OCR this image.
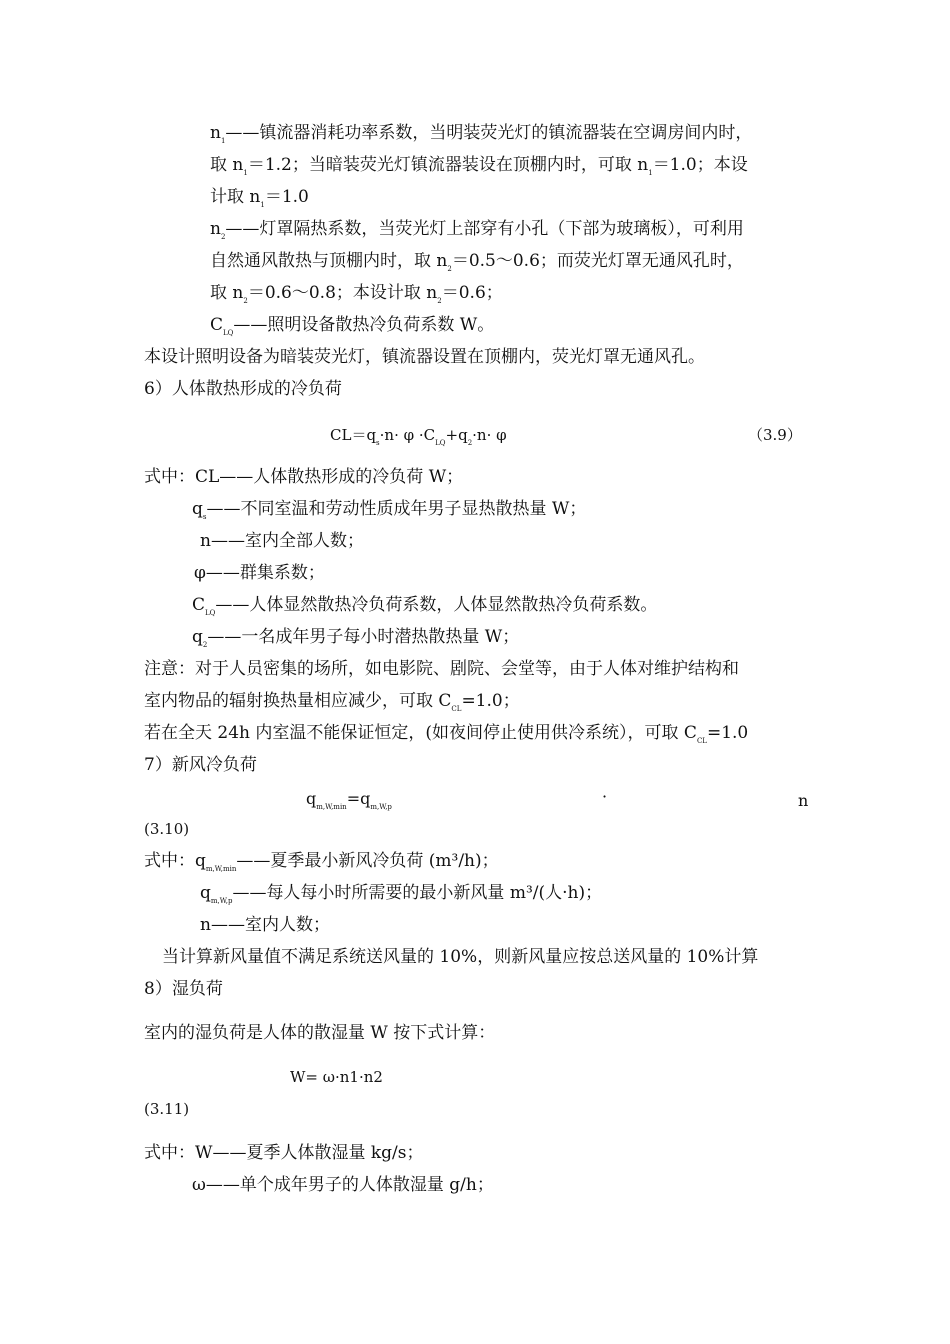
$n_1——$镇流器消耗功率系数，当明装荧光灯的镇流器装在空调房间内时，
取 $n_1=1.2$；当暗装荧光灯镇流器装设在顶棚内时，可取 $n_1=1.0$；本设
计取 $n_1=1.0$
$n_2——$灯罩隔热系数，当荧光灯上部穿有小孔（下部为玻璃板），可利用
自然通风散热与顶棚内时，取 $n_2=0.5\sim 0.6$；而荧光灯罩无通风孔时，
取 $n_2=0.6\sim 0.8$；本设计取 $n_2=0.6$；
$C_{LQ}——$照明设备散热冷负荷系数 W。
本设计照明设备为暗装荧光灯，镇流器设置在顶棚内，荧光灯罩无通风孔。
6）人体散热形成的冷负荷
$CL=q_s\cdot n\cdot \varphi \cdot C_{LQ}+q_2\cdot n\cdot \varphi$	（3.9）
式中：CL——人体散热形成的冷负荷 W；
$q_s——$不同室温和劳动性质成年男子显热散热量 W；
n——室内全部人数；
φ——群集系数；
$C_{LQ}——$人体显然散热冷负荷系数，人体显然散热冷负荷系数。
$q_2——$一名成年男子每小时潜热散热量 W；
注意：对于人员密集的场所，如电影院、剧院、会堂等，由于人体对维护结构和
室内物品的辐射换热量相应减少，可取 $C_{CL}=1.0$；
若在全天 24h 内室温不能保证恒定，(如夜间停止使用供冷系统），可取 $C_{CL}=1.0$
7）新风冷负荷
$q_{m,W,min}=q_{m,W,p}$
·	n
(3.10)
式中：$q_{m,W,min}——$夏季最小新风冷负荷 (m³/h)；
$q_{m,W,p}——$每人每小时所需要的最小新风量 m³/(人·h)；
n——室内人数；
当计算新风量值不满足系统送风量的 10%，则新风量应按总送风量的 10%计算
8）湿负荷
室内的湿负荷是人体的散湿量 W 按下式计算：
W= ω·n1·n2
(3.11)
式中：W——夏季人体散湿量 kg/s；
ω——单个成年男子的人体散湿量 g/h；
